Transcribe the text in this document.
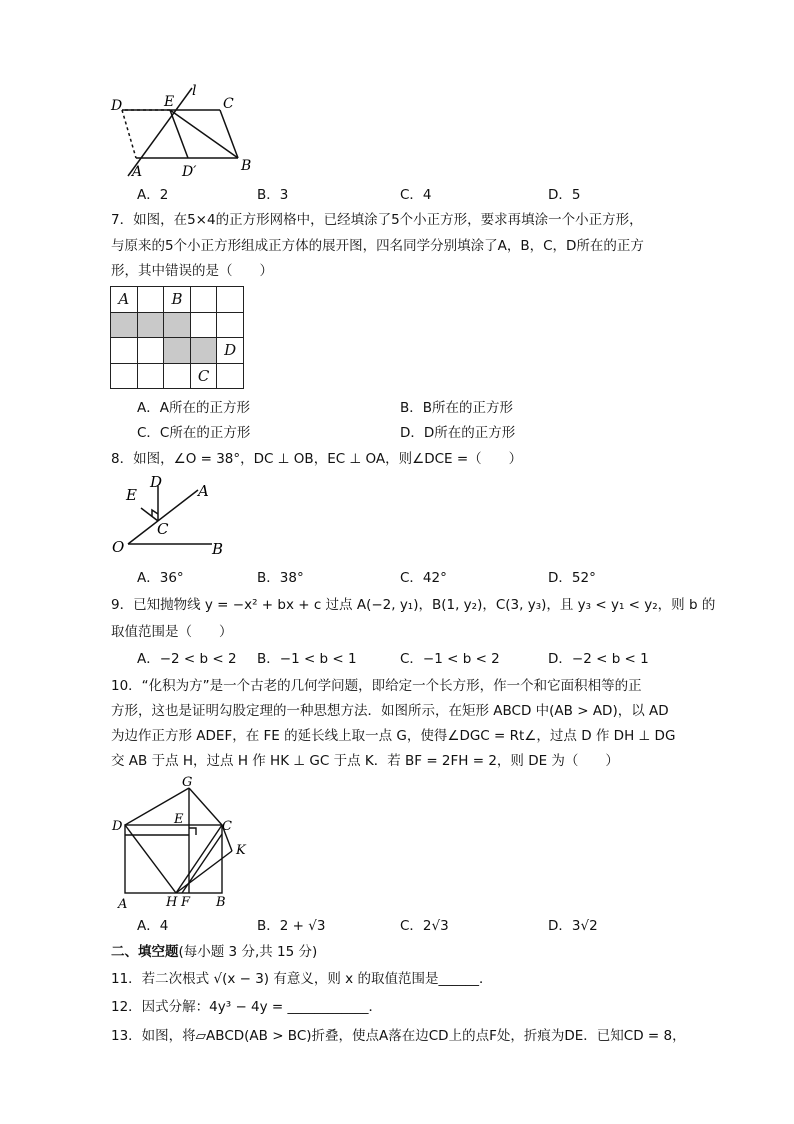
D	E
l
C
A	D′	B
A．2	B．3	C．4	D．5
7．如图，在5×4的正方形网格中，已经填涂了5个小正方形，要求再填涂一个小正方形，
与原来的5个小正方形组成正方体的展开图，四名同学分别填涂了A，B，C，D所在的正方
形，其中错误的是（　　）
A		B		

				D
			C	
A．A所在的正方形	B．B所在的正方形
C．C所在的正方形	D．D所在的正方形
8．如图，∠O = 38°，DC ⊥ OB，EC ⊥ OA，则∠DCE =（　　）
E
D A
C
O	B
A．36°	B．38°	C．42°	D．52°
9．已知抛物线 y = −x² + bx + c 过点 A(−2, y₁)，B(1, y₂)，C(3, y₃)，且 y₃ < y₁ < y₂，则 b 的
取值范围是（　　）
A．−2 < b < 2 B．−1 < b < 1	C．−1 < b < 2	D．−2 < b < 1
10．“化积为方”是一个古老的几何学问题，即给定一个长方形，作一个和它面积相等的正
方形，这也是证明勾股定理的一种思想方法．如图所示，在矩形 ABCD 中(AB > AD)，以 AD
为边作正方形 ADEF，在 FE 的延长线上取一点 G，使得∠DGC = Rt∠，过点 D 作 DH ⊥ DG
交 AB 于点 H，过点 H 作 HK ⊥ GC 于点 K．若 BF = 2FH = 2，则 DE 为（　　）
G
D	E	C
K
A	H F B
A．4	B．2 + √3	C．2√3	D．3√2
二、填空题(每小题 3 分,共 15 分)
11．若二次根式 √(x − 3) 有意义，则 x 的取值范围是______．
12．因式分解：4y³ − 4y = ____________．
13．如图，将▱ABCD(AB > BC)折叠，使点A落在边CD上的点F处，折痕为DE．已知CD = 8，
